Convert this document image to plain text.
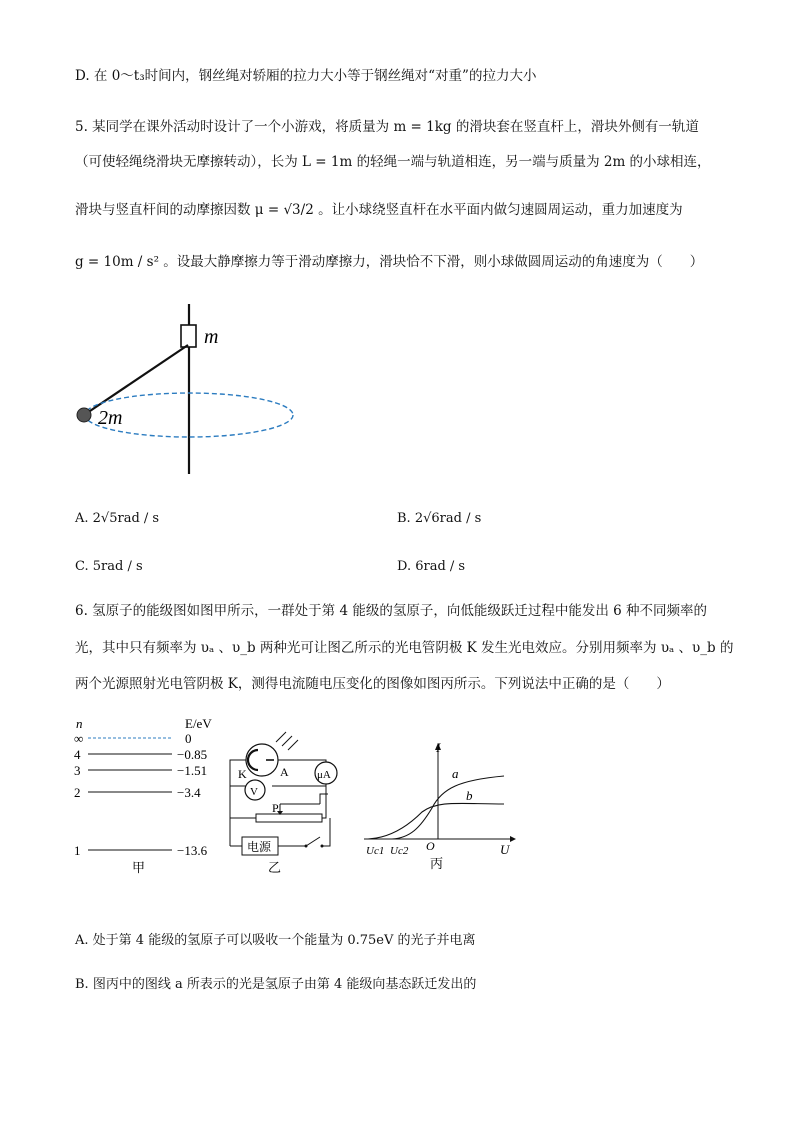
D. 在 0～t₃时间内，钢丝绳对轿厢的拉力大小等于钢丝绳对“对重”的拉力大小
5. 某同学在课外活动时设计了一个小游戏，将质量为 m = 1kg 的滑块套在竖直杆上，滑块外侧有一轨道
（可使轻绳绕滑块无摩擦转动），长为 L = 1m 的轻绳一端与轨道相连，另一端与质量为 2m 的小球相连，
滑块与竖直杆间的动摩擦因数 μ = √3/2 。让小球绕竖直杆在水平面内做匀速圆周运动，重力加速度为
g = 10m / s² 。设最大静摩擦力等于滑动摩擦力，滑块恰不下滑，则小球做圆周运动的角速度为（　　）
m
2m
A. 2√5rad / s	B. 2√6rad / s
C. 5rad / s	D. 6rad / s
6. 氢原子的能级图如图甲所示，一群处于第 4 能级的氢原子，向低能级跃迁过程中能发出 6 种不同频率的
光，其中只有频率为 υₐ 、υ_b 两种光可让图乙所示的光电管阴极 K 发生光电效应。分别用频率为 υₐ 、υ_b 的
两个光源照射光电管阴极 K，测得电流随电压变化的图像如图丙所示。下列说法中正确的是（　　）
n	E/eV
∞	0
4	−0.85
3	−1.51
2	−3.4
1	−13.6
甲
K	A	μA
V
P
电源
乙
I
U
O
a
b
Uc1 Uc2
丙
A. 处于第 4 能级的氢原子可以吸收一个能量为 0.75eV 的光子并电离
B. 图丙中的图线 a 所表示的光是氢原子由第 4 能级向基态跃迁发出的
